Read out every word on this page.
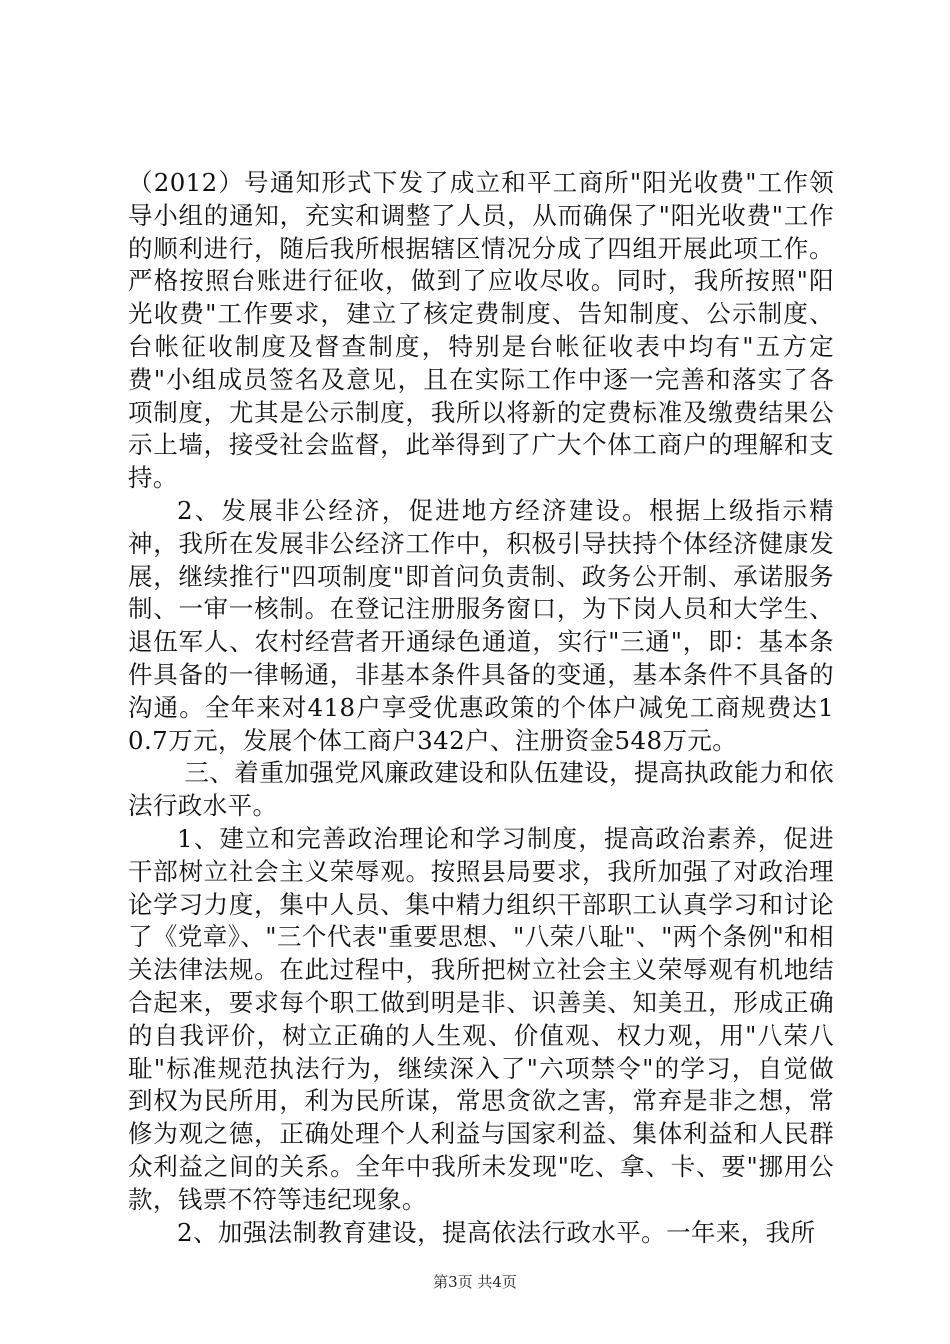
（2012）号通知形式下发了成立和平工商所"阳光收费"工作领导小组的通知，充实和调整了人员，从而确保了"阳光收费"工作的顺利进行，随后我所根据辖区情况分成了四组开展此项工作。严格按照台账进行征收，做到了应收尽收。同时，我所按照"阳光收费"工作要求，建立了核定费制度、告知制度、公示制度、台帐征收制度及督查制度，特别是台帐征收表中均有"五方定费"小组成员签名及意见，且在实际工作中逐一完善和落实了各项制度，尤其是公示制度，我所以将新的定费标准及缴费结果公示上墙，接受社会监督，此举得到了广大个体工商户的理解和支持。

2、发展非公经济，促进地方经济建设。根据上级指示精神，我所在发展非公经济工作中，积极引导扶持个体经济健康发展，继续推行"四项制度"即首问负责制、政务公开制、承诺服务制、一审一核制。在登记注册服务窗口，为下岗人员和大学生、退伍军人、农村经营者开通绿色通道，实行"三通"，即：基本条件具备的一律畅通，非基本条件具备的变通，基本条件不具备的沟通。全年来对418户享受优惠政策的个体户减免工商规费达10.7万元，发展个体工商户342户、注册资金548万元。

三、着重加强党风廉政建设和队伍建设，提高执政能力和依法行政水平。

1、建立和完善政治理论和学习制度，提高政治素养，促进干部树立社会主义荣辱观。按照县局要求，我所加强了对政治理论学习力度，集中人员、集中精力组织干部职工认真学习和讨论了《党章》、"三个代表"重要思想、"八荣八耻"、"两个条例"和相关法律法规。在此过程中，我所把树立社会主义荣辱观有机地结合起来，要求每个职工做到明是非、识善美、知美丑，形成正确的自我评价，树立正确的人生观、价值观、权力观，用"八荣八耻"标准规范执法行为，继续深入了"六项禁令"的学习，自觉做到权为民所用，利为民所谋，常思贪欲之害，常弃是非之想，常修为观之德，正确处理个人利益与国家利益、集体利益和人民群众利益之间的关系。全年中我所未发现"吃、拿、卡、要"挪用公款，钱票不符等违纪现象。

2、加强法制教育建设，提高依法行政水平。一年来，我所

第3页 共4页
